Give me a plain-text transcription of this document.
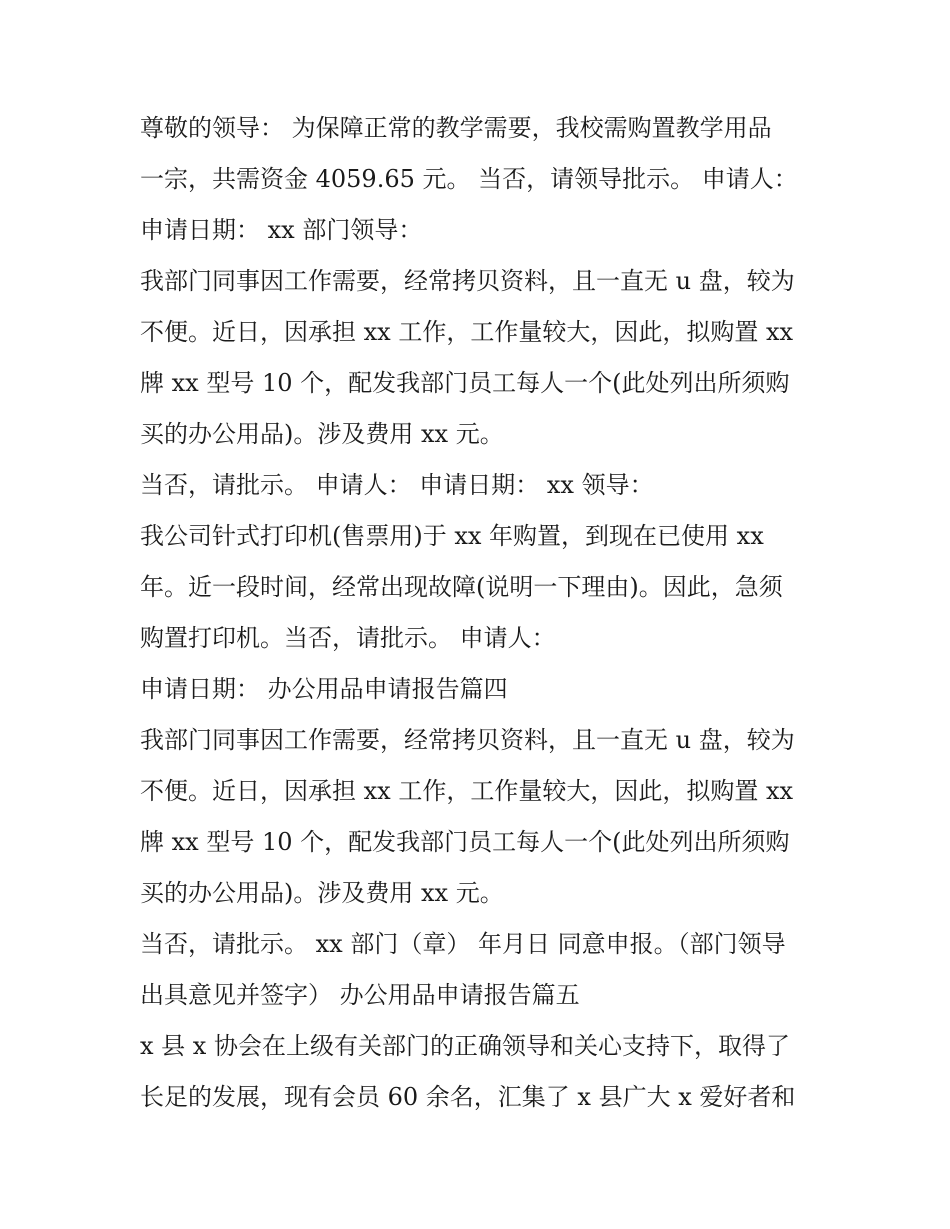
尊敬的领导： 为保障正常的教学需要，我校需购置教学用品
一宗，共需资金 4059.65 元。 当否，请领导批示。 申请人：
申请日期： xx 部门领导：
我部门同事因工作需要，经常拷贝资料，且一直无 u 盘，较为
不便。近日，因承担 xx 工作，工作量较大，因此，拟购置 xx
牌 xx 型号 10 个，配发我部门员工每人一个(此处列出所须购
买的办公用品)。涉及费用 xx 元。
当否，请批示。 申请人： 申请日期： xx 领导：
我公司针式打印机(售票用)于 xx 年购置，到现在已使用 xx
年。近一段时间，经常出现故障(说明一下理由)。因此，急须
购置打印机。当否，请批示。 申请人：
申请日期： 办公用品申请报告篇四
我部门同事因工作需要，经常拷贝资料，且一直无 u 盘，较为
不便。近日，因承担 xx 工作，工作量较大，因此，拟购置 xx
牌 xx 型号 10 个，配发我部门员工每人一个(此处列出所须购
买的办公用品)。涉及费用 xx 元。
当否，请批示。 xx 部门（章） 年月日 同意申报。（部门领导
出具意见并签字） 办公用品申请报告篇五
x 县 x 协会在上级有关部门的正确领导和关心支持下，取得了
长足的发展，现有会员 60 余名，汇集了 x 县广大 x 爱好者和
